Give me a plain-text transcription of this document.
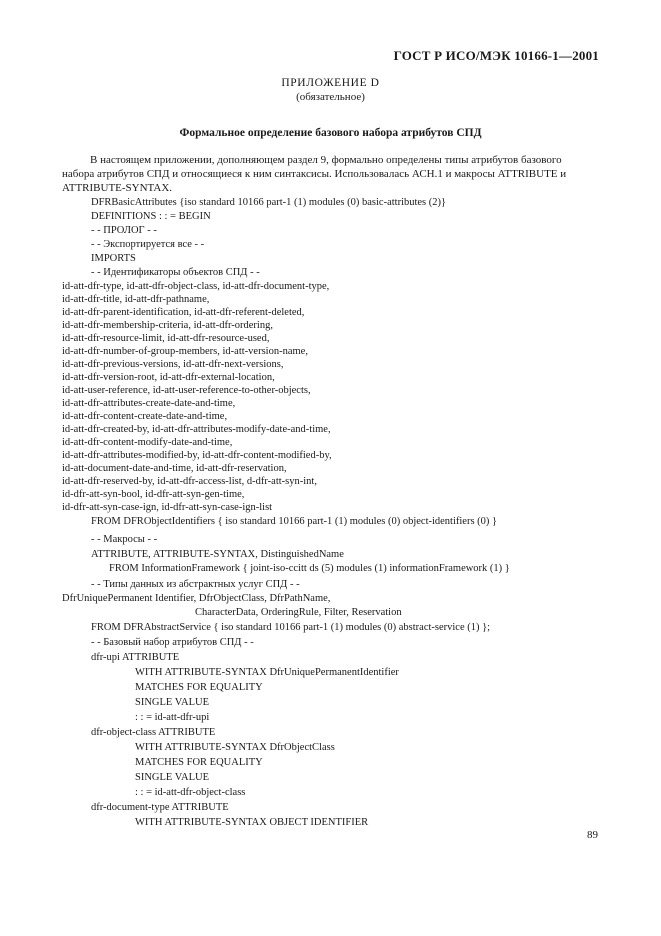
ГОСТ Р ИСО/МЭК 10166-1—2001
ПРИЛОЖЕНИЕ D
(обязательное)
Формальное определение базового набора атрибутов СПД
В настоящем приложении, дополняющем раздел 9, формально определены типы атрибутов базового
набора атрибутов СПД и относящиеся к ним синтаксисы. Использовалась АСН.1 и макросы ATTRIBUTE и
ATTRIBUTE-SYNTAX.
DFRBasicAttributes {iso standard 10166 part-1 (1) modules (0) basic-attributes (2)}
DEFINITIONS : : = BEGIN
- - ПРОЛОГ - -
- - Экспортируется все - -
IMPORTS
- - Идентификаторы объектов СПД - -
id-att-dfr-type, id-att-dfr-object-class, id-att-dfr-document-type,
id-att-dfr-title, id-att-dfr-pathname,
id-att-dfr-parent-identification, id-att-dfr-referent-deleted,
id-att-dfr-membership-criteria, id-att-dfr-ordering,
id-att-dfr-resource-limit, id-att-dfr-resource-used,
id-att-dfr-number-of-group-members, id-att-version-name,
id-att-dfr-previous-versions, id-att-dfr-next-versions,
id-att-dfr-version-root, id-att-dfr-external-location,
id-att-user-reference, id-att-user-reference-to-other-objects,
id-att-dfr-attributes-create-date-and-time,
id-att-dfr-content-create-date-and-time,
id-att-dfr-created-by, id-att-dfr-attributes-modify-date-and-time,
id-att-dfr-content-modify-date-and-time,
id-att-dfr-attributes-modified-by, id-att-dfr-content-modified-by,
id-att-document-date-and-time, id-att-dfr-reservation,
id-att-dfr-reserved-by, id-att-dfr-access-list, d-dfr-att-syn-int,
id-dfr-att-syn-bool, id-dfr-att-syn-gen-time,
id-dfr-att-syn-case-ign, id-dfr-att-syn-case-ign-list
FROM DFRObjectIdentifiers { iso standard 10166 part-1 (1) modules (0) object-identifiers (0) }
- - Макросы - -
ATTRIBUTE, ATTRIBUTE-SYNTAX, DistinguishedName
FROM InformationFramework { joint-iso-ccitt ds (5) modules (1) informationFramework (1) }
- - Типы данных из абстрактных услуг СПД - -
DfrUniquePermanent Identifier, DfrObjectClass, DfrPathName,
CharacterData, OrderingRule, Filter, Reservation
FROM DFRAbstractService { iso standard 10166 part-1 (1) modules (0) abstract-service (1) };
- - Базовый набор атрибутов СПД - -
dfr-upi ATTRIBUTE
WITH ATTRIBUTE-SYNTAX DfrUniquePermanentIdentifier
MATCHES FOR EQUALITY
SINGLE VALUE
: : = id-att-dfr-upi
dfr-object-class ATTRIBUTE
WITH ATTRIBUTE-SYNTAX DfrObjectClass
MATCHES FOR EQUALITY
SINGLE VALUE
: : = id-att-dfr-object-class
dfr-document-type ATTRIBUTE
WITH ATTRIBUTE-SYNTAX OBJECT IDENTIFIER
89
